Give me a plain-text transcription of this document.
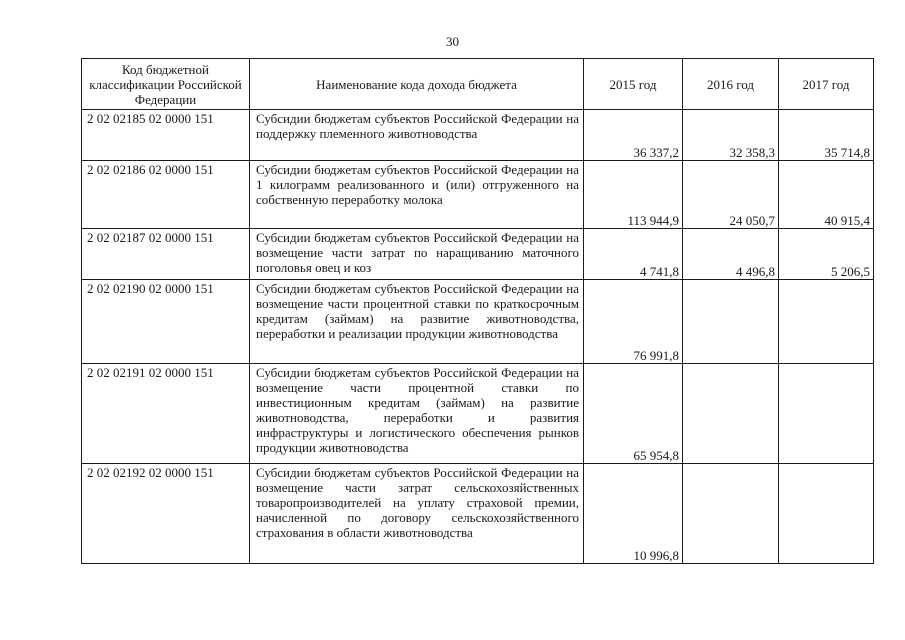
30
Код бюджетной классификации Российской Федерации	Наименование кода дохода бюджета	2015 год	2016 год	2017 год
2 02 02185 02 0000 151	Субсидии бюджетам субъектов Российской Федерации на поддержку племенного животноводства	36 337,2	32 358,3	35 714,8
2 02 02186 02 0000 151	Субсидии бюджетам субъектов Российской Федерации на 1 килограмм реализованного и (или) отгруженного на собственную переработку молока	113 944,9	24 050,7	40 915,4
2 02 02187 02 0000 151	Субсидии бюджетам субъектов Российской Федерации на возмещение части затрат по наращиванию маточного поголовья овец и коз	4 741,8	4 496,8	5 206,5
2 02 02190 02 0000 151	Субсидии бюджетам субъектов Российской Федерации на возмещение части процентной ставки по краткосрочным кредитам (займам) на развитие животноводства, переработки и реализации продукции животноводства	76 991,8		
2 02 02191 02 0000 151	Субсидии бюджетам субъектов Российской Федерации на возмещение части процентной ставки по инвестиционным кредитам (займам) на развитие животноводства, переработки и развития инфраструктуры и логистического обеспечения рынков продукции животноводства	65 954,8		
2 02 02192 02 0000 151	Субсидии бюджетам субъектов Российской Федерации на возмещение части затрат сельскохозяйственных товаропроизводителей на уплату страховой премии, начисленной по договору сельскохозяйственного страхования в области животноводства	10 996,8		
